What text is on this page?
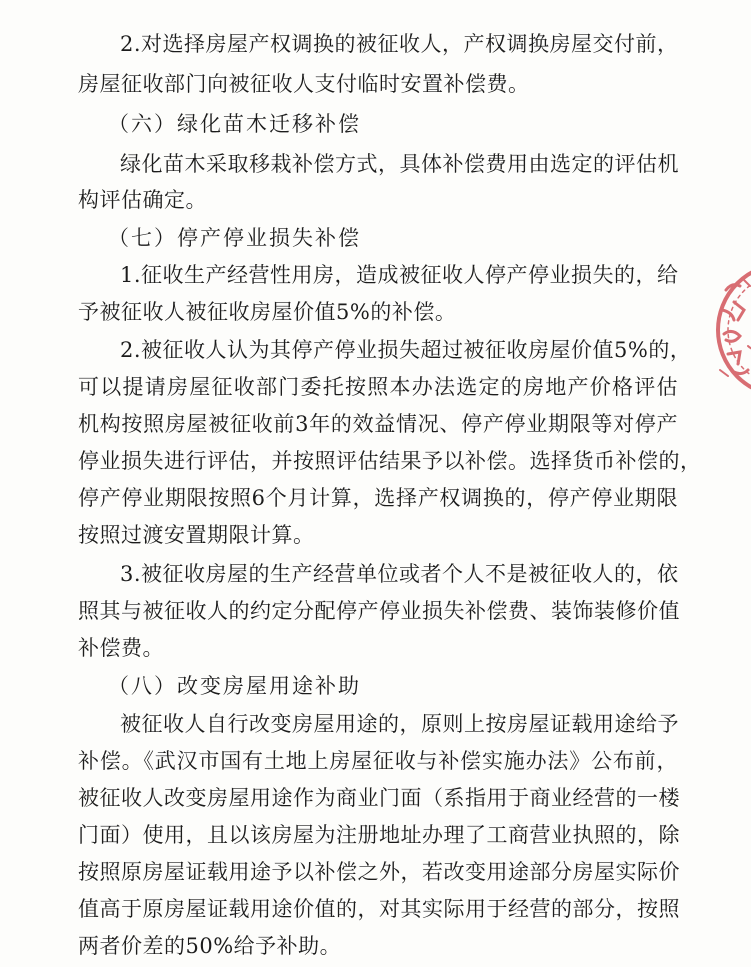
2.对选择房屋产权调换的被征收人，产权调换房屋交付前，
房屋征收部门向被征收人支付临时安置补偿费。
（六）绿化苗木迁移补偿
绿化苗木采取移栽补偿方式，具体补偿费用由选定的评估机
构评估确定。
（七）停产停业损失补偿
1.征收生产经营性用房，造成被征收人停产停业损失的，给
予被征收人被征收房屋价值5%的补偿。
2.被征收人认为其停产停业损失超过被征收房屋价值5%的，
可以提请房屋征收部门委托按照本办法选定的房地产价格评估
机构按照房屋被征收前3年的效益情况、停产停业期限等对停产
停业损失进行评估，并按照评估结果予以补偿。选择货币补偿的，
停产停业期限按照6个月计算，选择产权调换的，停产停业期限
按照过渡安置期限计算。
3.被征收房屋的生产经营单位或者个人不是被征收人的，依
照其与被征收人的约定分配停产停业损失补偿费、装饰装修价值
补偿费。
（八）改变房屋用途补助
被征收人自行改变房屋用途的，原则上按房屋证载用途给予
补偿。《武汉市国有土地上房屋征收与补偿实施办法》公布前，
被征收人改变房屋用途作为商业门面（系指用于商业经营的一楼
门面）使用，且以该房屋为注册地址办理了工商营业执照的，除
按照原房屋证载用途予以补偿之外，若改变用途部分房屋实际价
值高于原房屋证载用途价值的，对其实际用于经营的部分，按照
两者价差的50%给予补助。
